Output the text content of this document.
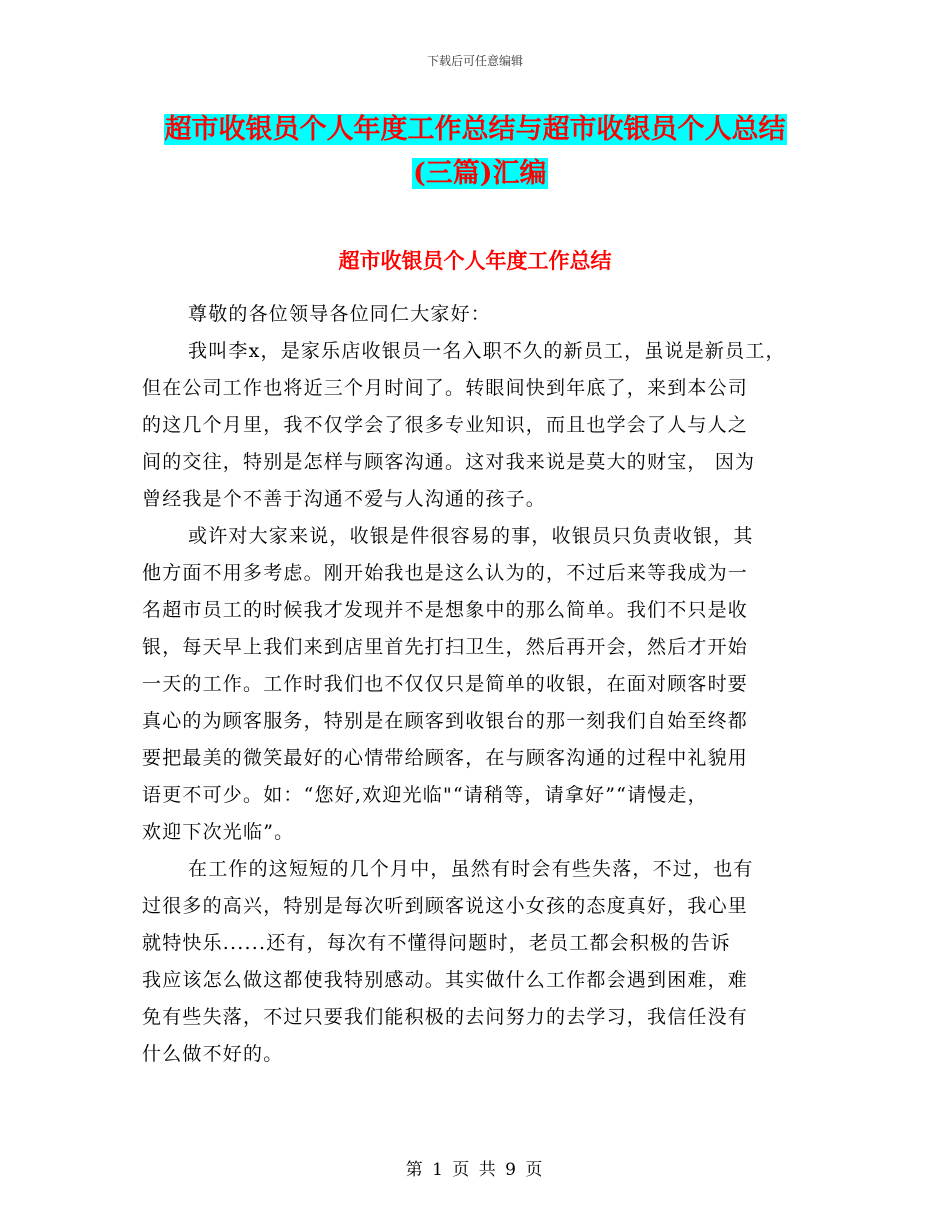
下载后可任意编辑
超市收银员个人年度工作总结与超市收银员个人总结
(三篇)汇编
超市收银员个人年度工作总结
尊敬的各位领导各位同仁大家好：
我叫李x，是家乐店收银员一名入职不久的新员工，虽说是新员工，
但在公司工作也将近三个月时间了。转眼间快到年底了，来到本公司
的这几个月里，我不仅学会了很多专业知识，而且也学会了人与人之
间的交往，特别是怎样与顾客沟通。这对我来说是莫大的财宝， 因为
曾经我是个不善于沟通不爱与人沟通的孩子。
或许对大家来说，收银是件很容易的事，收银员只负责收银，其
他方面不用多考虑。刚开始我也是这么认为的，不过后来等我成为一
名超市员工的时候我才发现并不是想象中的那么简单。我们不只是收
银，每天早上我们来到店里首先打扫卫生，然后再开会，然后才开始
一天的工作。工作时我们也不仅仅只是简单的收银，在面对顾客时要
真心的为顾客服务，特别是在顾客到收银台的那一刻我们自始至终都
要把最美的微笑最好的心情带给顾客，在与顾客沟通的过程中礼貌用
语更不可少。如：“您好,欢迎光临"“请稍等，请拿好”“请慢走，
欢迎下次光临”。
在工作的这短短的几个月中，虽然有时会有些失落，不过，也有
过很多的高兴，特别是每次听到顾客说这小女孩的态度真好，我心里
就特快乐......还有，每次有不懂得问题时，老员工都会积极的告诉
我应该怎么做这都使我特别感动。其实做什么工作都会遇到困难，难
免有些失落，不过只要我们能积极的去问努力的去学习，我信任没有
什么做不好的。
第 1 页 共 9 页
